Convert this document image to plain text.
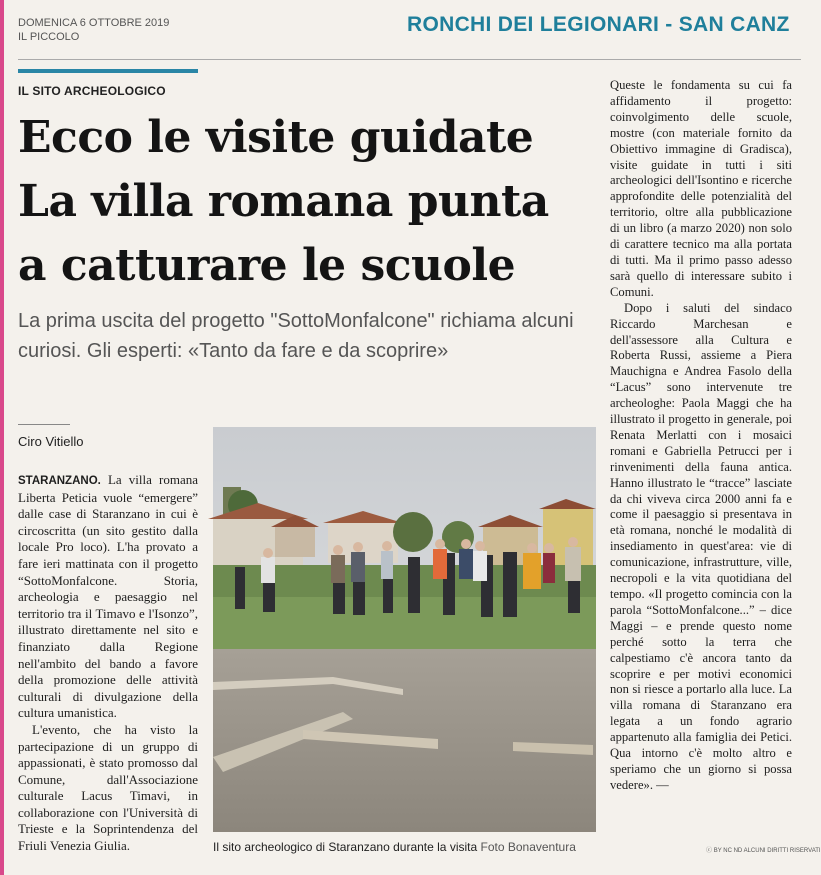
DOMENICA 6 OTTOBRE 2019
IL PICCOLO
RONCHI DEI LEGIONARI - SAN CANZ
IL SITO ARCHEOLOGICO
Ecco le visite guidate
La villa romana punta
a catturare le scuole
La prima uscita del progetto "SottoMonfalcone" richiama alcuni curiosi. Gli esperti: «Tanto da fare e da scoprire»
Ciro Vitiello

STARANZANO. La villa romana Liberta Peticia vuole “emergere” dalle case di Staranzano in cui è circoscritta (un sito gestito dalla locale Pro loco). L'ha provato a fare ieri mattinata con il progetto “SottoMonfalcone. Storia, archeologia e paesaggio nel territorio tra il Timavo e l'Isonzo”, illustrato direttamente nel sito e finanziato dalla Regione nell'ambito del bando a favore della promozione delle attività culturali di divulgazione della cultura umanistica.

L'evento, che ha visto la partecipazione di un gruppo di appassionati, è stato promosso dal Comune, dall'Associazione culturale Lacus Timavi, in collaborazione con l'Università di Trieste e la Soprintendenza del Friuli Venezia Giulia.	Il sito archeologico di Staranzano durante la visita Foto Bonaventura

Queste le fondamenta su cui fa affidamento il progetto: coinvolgimento delle scuole, mostre (con materiale fornito da Obiettivo immagine di Gradisca), visite guidate in tutti i siti archeologici dell'Isontino e ricerche approfondite delle potenzialità del territorio, oltre alla pubblicazione di un libro (a marzo 2020) non solo di carattere tecnico ma alla portata di tutti. Ma il primo passo adesso sarà quello di interessare subito i Comuni.

Dopo i saluti del sindaco Riccardo Marchesan e dell'assessore alla Cultura e Roberta Russi, assieme a Piera Mauchigna e Andrea Fasolo della “Lacus” sono intervenute tre archeologhe: Paola Maggi che ha illustrato il progetto in generale, poi Renata Merlatti con i mosaici romani e Gabriella Petrucci per i rinvenimenti della fauna antica. Hanno illustrato le “tracce” lasciate da chi viveva circa 2000 anni fa e come il paesaggio si presentava in età romana, nonché le modalità di insediamento in quest'area: vie di comunicazione, infrastrutture, ville, necropoli e la vita quotidiana del tempo. «Il progetto comincia con la parola “SottoMonfalcone...” – dice Maggi – e prende questo nome perché sotto la terra che calpestiamo c'è ancora tanto da scoprire e per motivi economici non si riesce a portarlo alla luce. La villa romana di Staranzano era legata a un fondo agrario appartenuto alla famiglia dei Petici. Qua intorno c'è molto altro e speriamo che un giorno si possa vedere». —

ⓒ BY NC ND ALCUNI DIRITTI RISERVATI
